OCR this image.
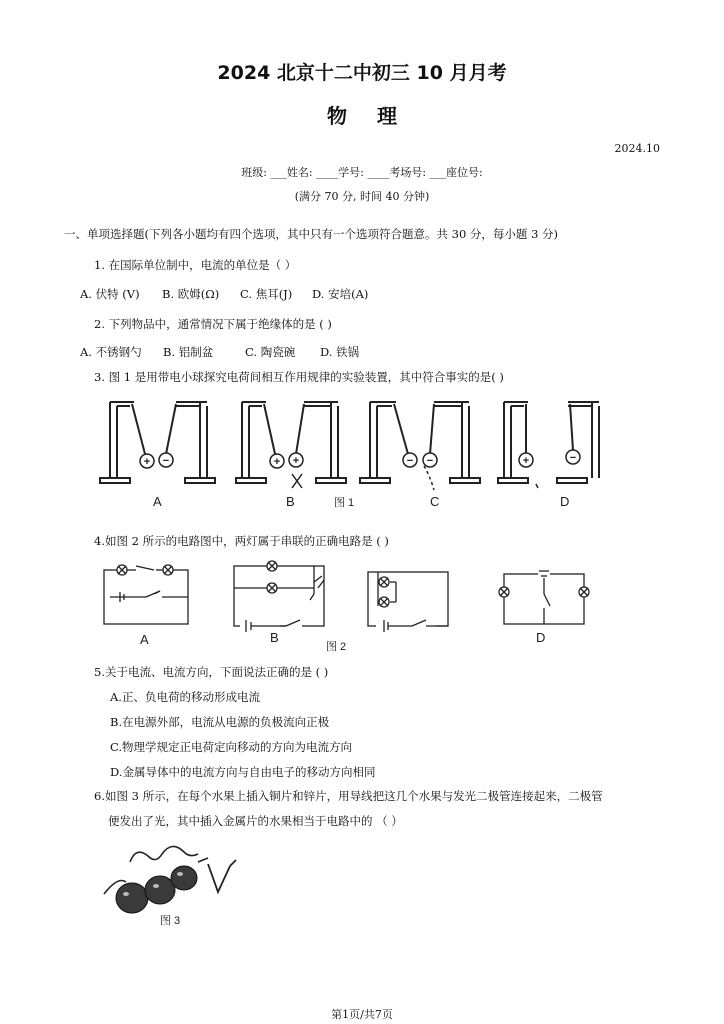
2024 北京十二中初三 10 月月考
物理
2024.10
班级: ___姓名: ____学号: ____考场号: ___座位号:
(满分 70 分, 时间 40 分钟)
一、单项选择题(下列各小题均有四个选项，其中只有一个选项符合题意。共 30 分，每小题 3 分)
1. 在国际单位制中，电流的单位是（ ）
A. 伏特 (V) B. 欧姆(Ω) C. 焦耳(J) D. 安培(A)
2. 下列物品中，通常情况下属于绝缘体的是 ( )
A. 不锈钢勺 B. 铝制盆	C. 陶瓷碗 D. 铁锅
3. 图 1 是用带电小球探究电荷间相互作用规律的实验装置，其中符合事实的是( )
+ −	+ +	− −	+	−
A	B	C	D
图 1
4.如图 2 所示的电路图中，两灯属于串联的正确电路是 ( )
A	B	D
图 2
5.关于电流、电流方向，下面说法正确的是 ( )
A.正、负电荷的移动形成电流
B.在电源外部，电流从电源的负极流向正极
C.物理学规定正电荷定向移动的方向为电流方向
D.金属导体中的电流方向与自由电子的移动方向相同
6.如图 3 所示，在每个水果上插入铜片和锌片，用导线把这几个水果与发光二极管连接起来，二极管
便发出了光，其中插入金属片的水果相当于电路中的 （ ）
图 3
第1页/共7页
